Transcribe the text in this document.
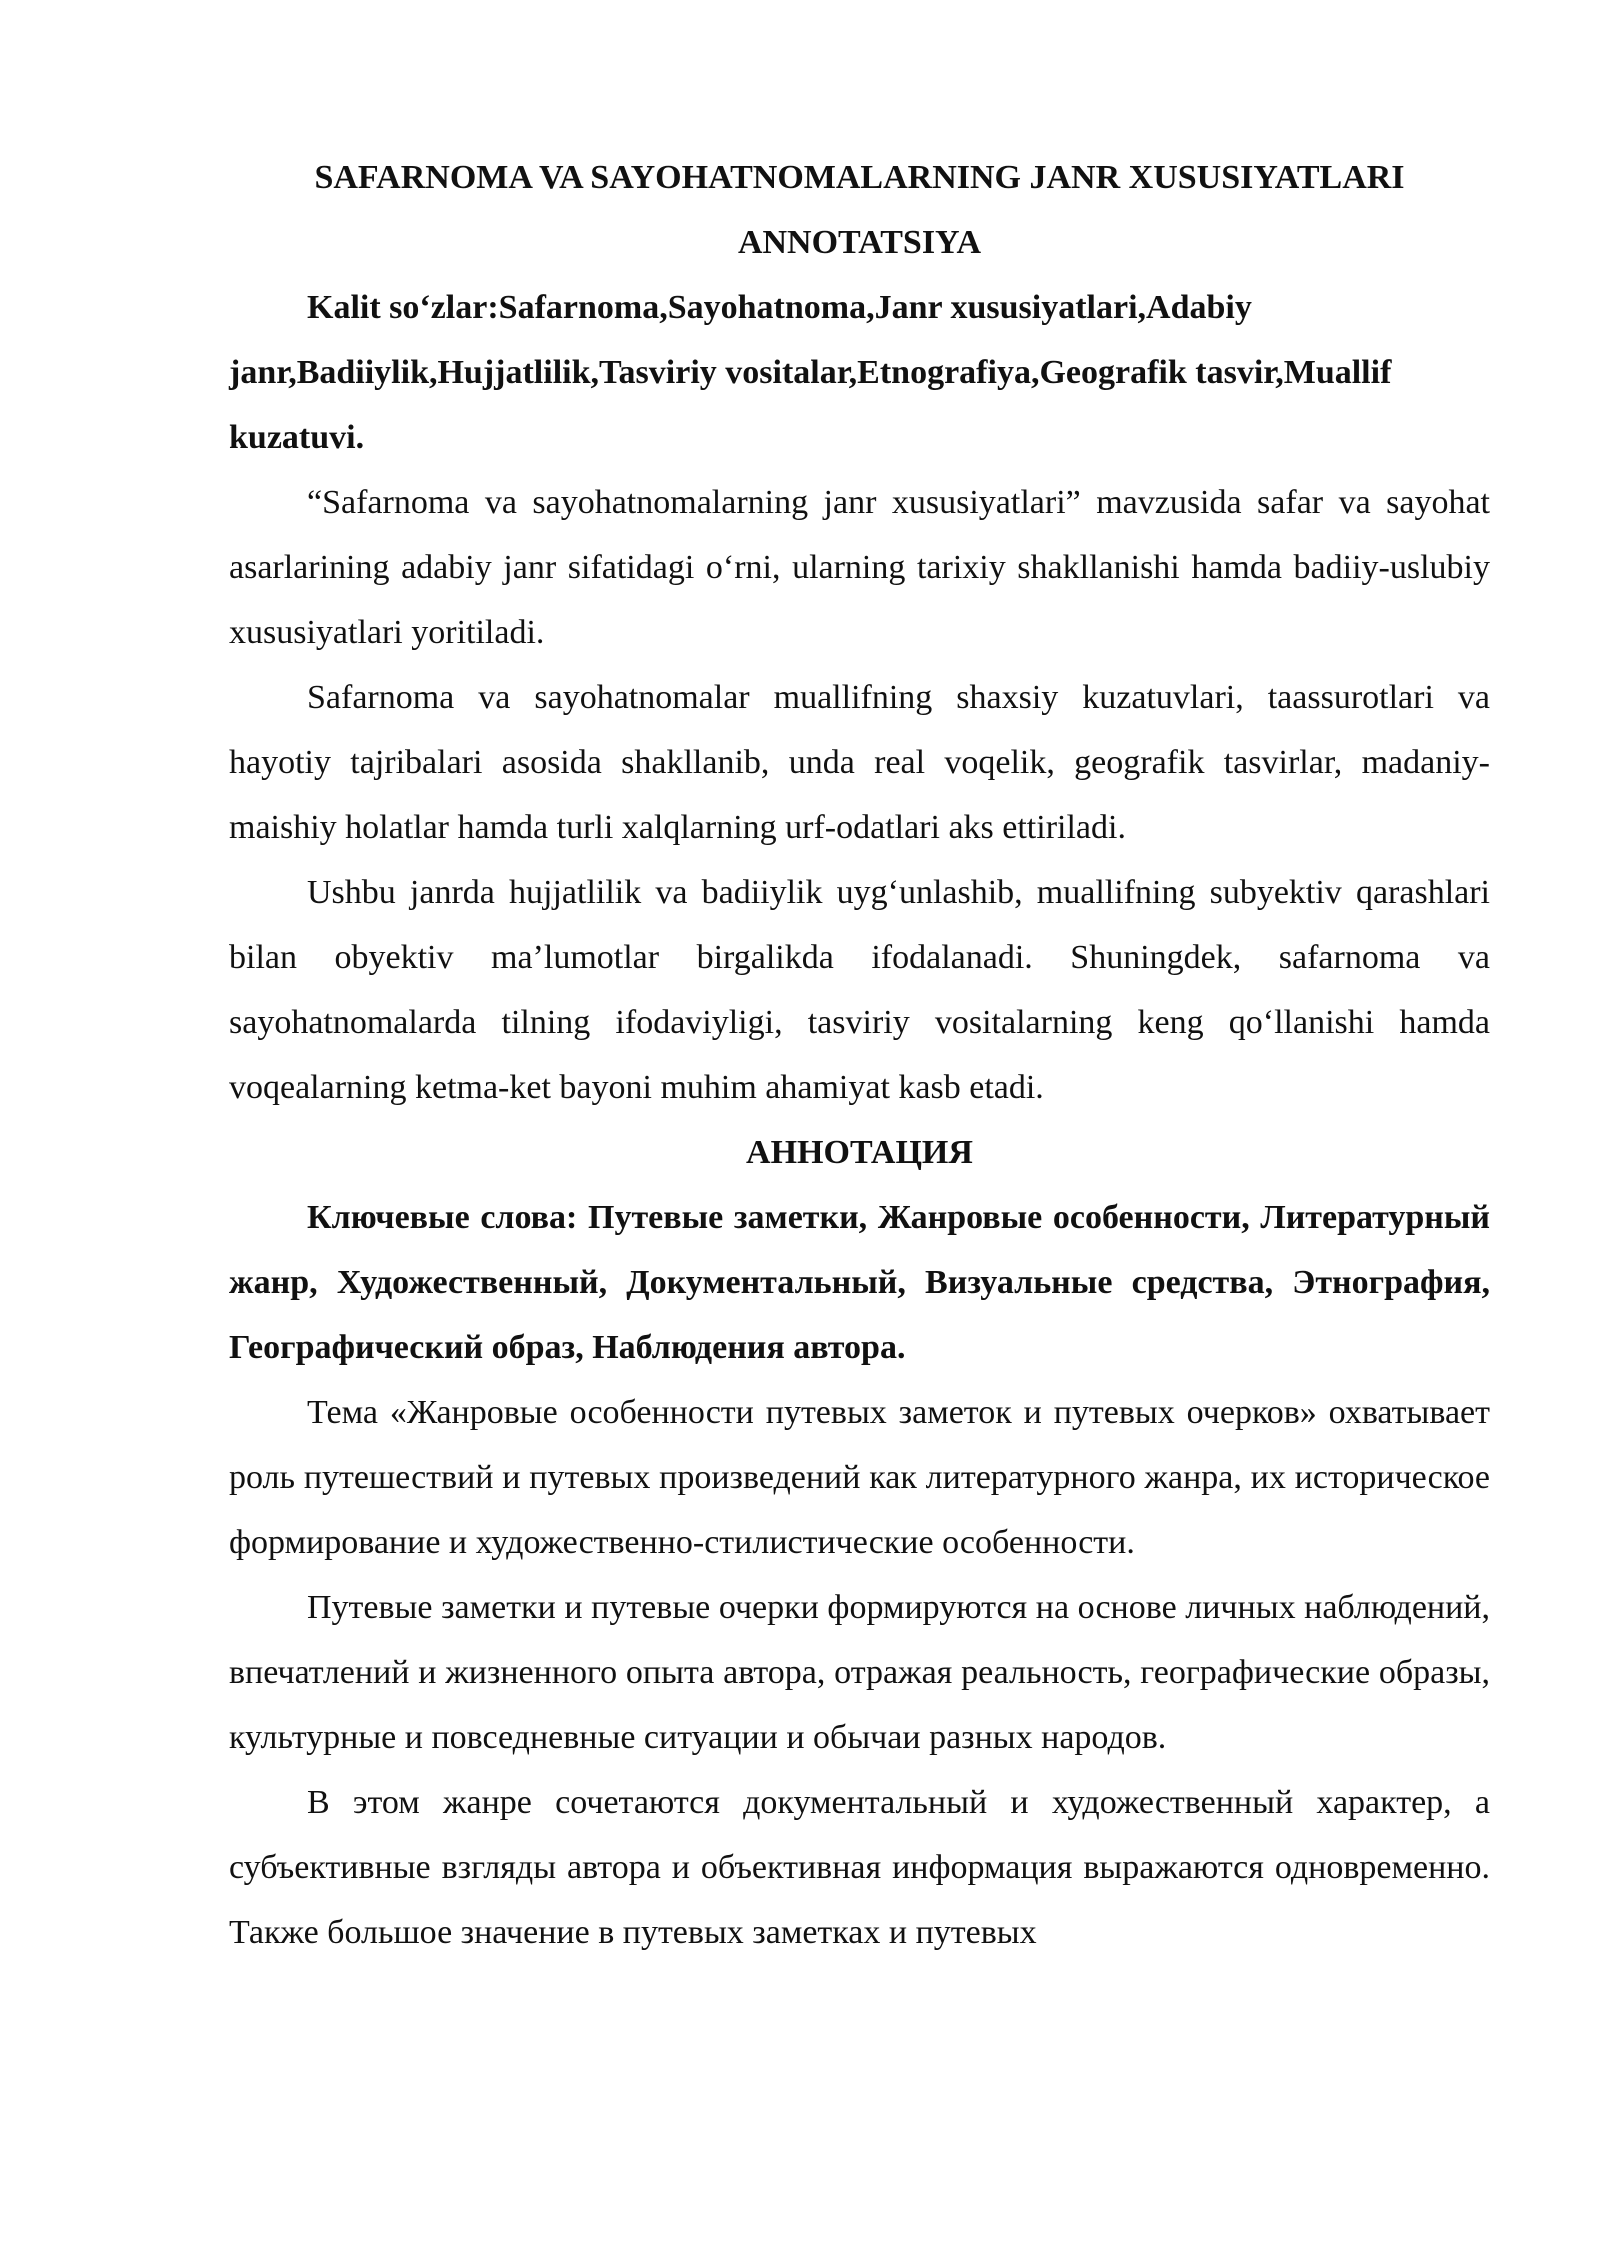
SAFARNOMA VA SAYOHATNOMALARNING JANR XUSUSIYATLARI
ANNOTATSIYA

Kalit so‘zlar:Safarnoma,Sayohatnoma,Janr xususiyatlari,Adabiy janr,Badiiylik,Hujjatlilik,Tasviriy vositalar,Etnografiya,Geografik tasvir,Muallif kuzatuvi.

“Safarnoma va sayohatnomalarning janr xususiyatlari” mavzusida safar va sayohat asarlarining adabiy janr sifatidagi o‘rni, ularning tarixiy shakllanishi hamda badiiy-uslubiy xususiyatlari yoritiladi.

Safarnoma va sayohatnomalar muallifning shaxsiy kuzatuvlari, taassurotlari va hayotiy tajribalari asosida shakllanib, unda real voqelik, geografik tasvirlar, madaniy-maishiy holatlar hamda turli xalqlarning urf-odatlari aks ettiriladi.

Ushbu janrda hujjatlilik va badiiylik uyg‘unlashib, muallifning subyektiv qarashlari bilan obyektiv ma’lumotlar birgalikda ifodalanadi. Shuningdek, safarnoma va sayohatnomalarda tilning ifodaviyligi, tasviriy vositalarning keng qo‘llanishi hamda voqealarning ketma-ket bayoni muhim ahamiyat kasb etadi.

АННОТАЦИЯ

Ключевые слова: Путевые заметки, Жанровые особенности, Литературный жанр, Художественный, Документальный, Визуальные средства, Этнография, Географический образ, Наблюдения автора.

Тема «Жанровые особенности путевых заметок и путевых очерков» охватывает роль путешествий и путевых произведений как литературного жанра, их историческое формирование и художественно-стилистические особенности.

Путевые заметки и путевые очерки формируются на основе личных наблюдений, впечатлений и жизненного опыта автора, отражая реальность, географические образы, культурные и повседневные ситуации и обычаи разных народов.

В этом жанре сочетаются документальный и художественный характер, а субъективные взгляды автора и объективная информация выражаются одновременно. Также большое значение в путевых заметках и путевых
